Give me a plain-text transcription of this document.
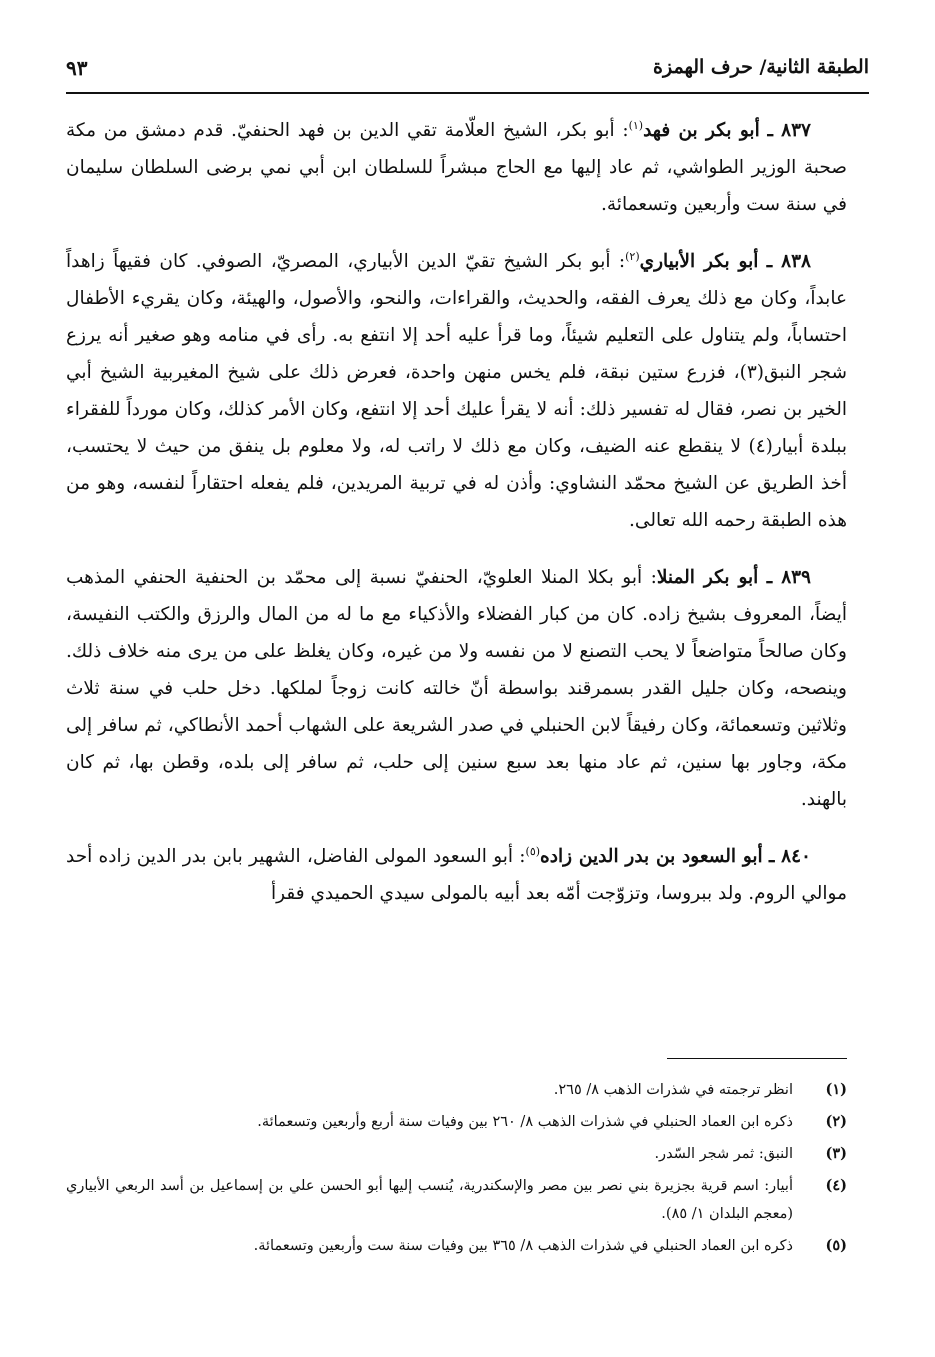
الطبقة الثانية/ حرف الهمزة
٩٣

٨٣٧ ـ أبو بكر بن فهد$^{(١)}$: أبو بكر، الشيخ العلّامة تقي الدين بن فهد الحنفيّ. قدم دمشق من مكة صحبة الوزير الطواشي، ثم عاد إليها مع الحاج مبشراً للسلطان ابن أبي نمي برضى السلطان سليمان في سنة ست وأربعين وتسعمائة.

٨٣٨ ـ أبو بكر الأبياري$^{(٢)}$: أبو بكر الشيخ تقيّ الدين الأبياري، المصريّ، الصوفي. كان فقيهاً زاهداً عابداً، وكان مع ذلك يعرف الفقه، والحديث، والقراءات، والنحو، والأصول، والهيئة، وكان يقريء الأطفال احتساباً، ولم يتناول على التعليم شيئاً، وما قرأ عليه أحد إلا انتفع به. رأى في منامه وهو صغير أنه يرزع شجر النبق(٣)، فزرع ستين نبقة، فلم يخس منهن واحدة، فعرض ذلك على شيخ المغيربية الشيخ أبي الخير بن نصر، فقال له تفسير ذلك: أنه لا يقرأ عليك أحد إلا انتفع، وكان الأمر كذلك، وكان مورداً للفقراء ببلدة أبيار(٤) لا ينقطع عنه الضيف، وكان مع ذلك لا راتب له، ولا معلوم بل ينفق من حيث لا يحتسب، أخذ الطريق عن الشيخ محمّد النشاوي: وأذن له في تربية المريدين، فلم يفعله احتقاراً لنفسه، وهو من هذه الطبقة رحمه الله تعالى.

٨٣٩ ـ أبو بكر المنلا: أبو بكلا المنلا العلويّ، الحنفيّ نسبة إلى محمّد بن الحنفية الحنفي المذهب أيضاً، المعروف بشيخ زاده. كان من كبار الفضلاء والأذكياء مع ما له من المال والرزق والكتب النفيسة، وكان صالحاً متواضعاً لا يحب التصنع لا من نفسه ولا من غيره، وكان يغلظ على من يرى منه خلاف ذلك. وينصحه، وكان جليل القدر بسمرقند بواسطة أنّ خالته كانت زوجاً لملكها. دخل حلب في سنة ثلاث وثلاثين وتسعمائة، وكان رفيقاً لابن الحنبلي في صدر الشريعة على الشهاب أحمد الأنطاكي، ثم سافر إلى مكة، وجاور بها سنين، ثم عاد منها بعد سبع سنين إلى حلب، ثم سافر إلى بلده، وقطن بها، ثم كان بالهند.

٨٤٠ ـ أبو السعود بن بدر الدين زاده$^{(٥)}$: أبو السعود المولى الفاضل، الشهير بابن بدر الدين زاده أحد موالي الروم. ولد ببروسا، وتزوّجت أمّه بعد أبيه بالمولى سيدي الحميدي فقرأ

(١)
انظر ترجمته في شذرات الذهب ٨/ ٢٦٥.
(٢)
ذكره ابن العماد الحنبلي في شذرات الذهب ٨/ ٢٦٠ بين وفيات سنة أربع وأربعين وتسعمائة.
(٣)
النبق: ثمر شجر السّدر.
(٤)
أبيار: اسم قرية بجزيرة بني نصر بين مصر والإسكندرية، يُنسب إليها أبو الحسن علي بن إسماعيل بن أسد الربعي الأبياري (معجم البلدان ١/ ٨٥).
(٥)
ذكره ابن العماد الحنبلي في شذرات الذهب ٨/ ٣٦٥ بين وفيات سنة ست وأربعين وتسعمائة.
